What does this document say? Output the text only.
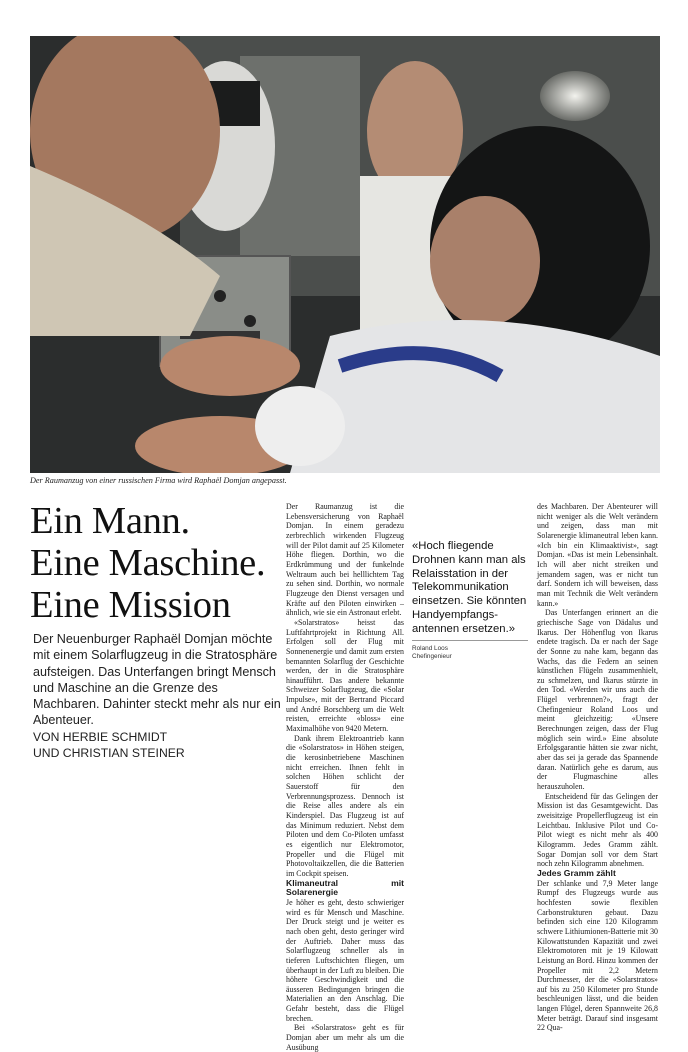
Der Raumanzug von einer russischen Firma wird Raphaël Domjan angepasst.
Ein Mann.
Eine Maschine.
Eine Mission
Der Neuenburger Raphaël Domjan möchte mit einem Solarflugzeug in die Stratosphäre aufsteigen. Das Unterfangen bringt Mensch und Maschine an die Grenze des Machbaren. Dahinter steckt mehr als nur ein Abenteuer.
VON HERBIE SCHMIDT
UND CHRISTIAN STEINER

Der Raumanzug ist die Lebensversicherung von Raphaël Domjan. In einem geradezu zerbrechlich wirkenden Flugzeug will der Pilot damit auf 25 Kilometer Höhe fliegen. Dorthin, wo die Erdkrümmung und der funkelnde Weltraum auch bei helllichtem Tag zu sehen sind. Dorthin, wo normale Flugzeuge den Dienst versagen und Kräfte auf den Piloten einwirken – ähnlich, wie sie ein Astronaut erlebt.

«Solarstratos» heisst das Luftfahrtprojekt in Richtung All. Erfolgen soll der Flug mit Sonnenenergie und damit zum ersten bemannten Solarflug der Geschichte werden, der in die Stratosphäre hinaufführt. Das andere bekannte Schweizer Solarflugzeug, die «Solar Impulse», mit der Bertrand Piccard und André Borschberg um die Welt reisten, erreichte «bloss» eine Maximalhöhe von 9420 Metern.

Dank ihrem Elektroantrieb kann die «Solarstratos» in Höhen steigen, die kerosinbetriebene Maschinen nicht erreichen. Ihnen fehlt in solchen Höhen schlicht der Sauerstoff für den Verbrennungsprozess. Dennoch ist die Reise alles andere als ein Kinderspiel. Das Flugzeug ist auf das Minimum reduziert. Nebst dem Piloten und dem Co-Piloten umfasst es eigentlich nur Elektromotor, Propeller und die Flügel mit Photovoltaikzellen, die die Batterien im Cockpit speisen.

Klimaneutral mit Solarenergie

Je höher es geht, desto schwieriger wird es für Mensch und Maschine. Der Druck steigt und je weiter es nach oben geht, desto geringer wird der Auftrieb. Daher muss das Solarflugzeug schneller als in tieferen Luftschichten fliegen, um überhaupt in der Luft zu bleiben. Die höhere Geschwindigkeit und die äusseren Bedingungen bringen die Materialien an den Anschlag. Die Gefahr besteht, dass die Flügel brechen.

Bei «Solarstratos» geht es für Domjan aber um mehr als um die Ausübung

«Hoch fliegende Drohnen kann man als Relaisstation in der Telekommunikation einsetzen. Sie könnten Handyempfangs-antennen ersetzen.»
Roland Loos
Chefingenieur

des Machbaren. Der Abenteurer will nicht weniger als die Welt verändern und zeigen, dass man mit Solarenergie klimaneutral leben kann. «Ich bin ein Klimaaktivist», sagt Domjan. «Das ist mein Lebensinhalt. Ich will aber nicht streiken und jemandem sagen, was er nicht tun darf. Sondern ich will beweisen, dass man mit Technik die Welt verändern kann.»

Das Unterfangen erinnert an die griechische Sage von Dädalus und Ikarus. Der Höhenflug von Ikarus endete tragisch. Da er nach der Sage der Sonne zu nahe kam, begann das Wachs, das die Federn an seinen künstlichen Flügeln zusammenhielt, zu schmelzen, und Ikarus stürzte in den Tod. «Werden wir uns auch die Flügel verbrennen?», fragt der Chefingenieur Roland Loos und meint gleichzeitig: «Unsere Berechnungen zeigen, dass der Flug möglich sein wird.» Eine absolute Erfolgsgarantie hätten sie zwar nicht, aber das sei ja gerade das Spannende daran. Natürlich gehe es darum, aus der Flugmaschine alles herauszuholen.

Entscheidend für das Gelingen der Mission ist das Gesamtgewicht. Das zweisitzige Propellerflugzeug ist ein Leichtbau. Inklusive Pilot und Co-Pilot wiegt es nicht mehr als 400 Kilogramm. Jedes Gramm zählt. Sogar Domjan soll vor dem Start noch zehn Kilogramm abnehmen.

Jedes Gramm zählt

Der schlanke und 7,9 Meter lange Rumpf des Flugzeugs wurde aus hochfesten sowie flexiblen Carbonstrukturen gebaut. Dazu befinden sich eine 120 Kilogramm schwere Lithiumionen-Batterie mit 30 Kilowattstunden Kapazität und zwei Elektromotoren mit je 19 Kilowatt Leistung an Bord. Hinzu kommen der Propeller mit 2,2 Metern Durchmesser, der die «Solarstratos» auf bis zu 250 Kilometer pro Stunde beschleunigen lässt, und die beiden langen Flügel, deren Spannweite 26,8 Meter beträgt. Darauf sind insgesamt 22 Qua-
